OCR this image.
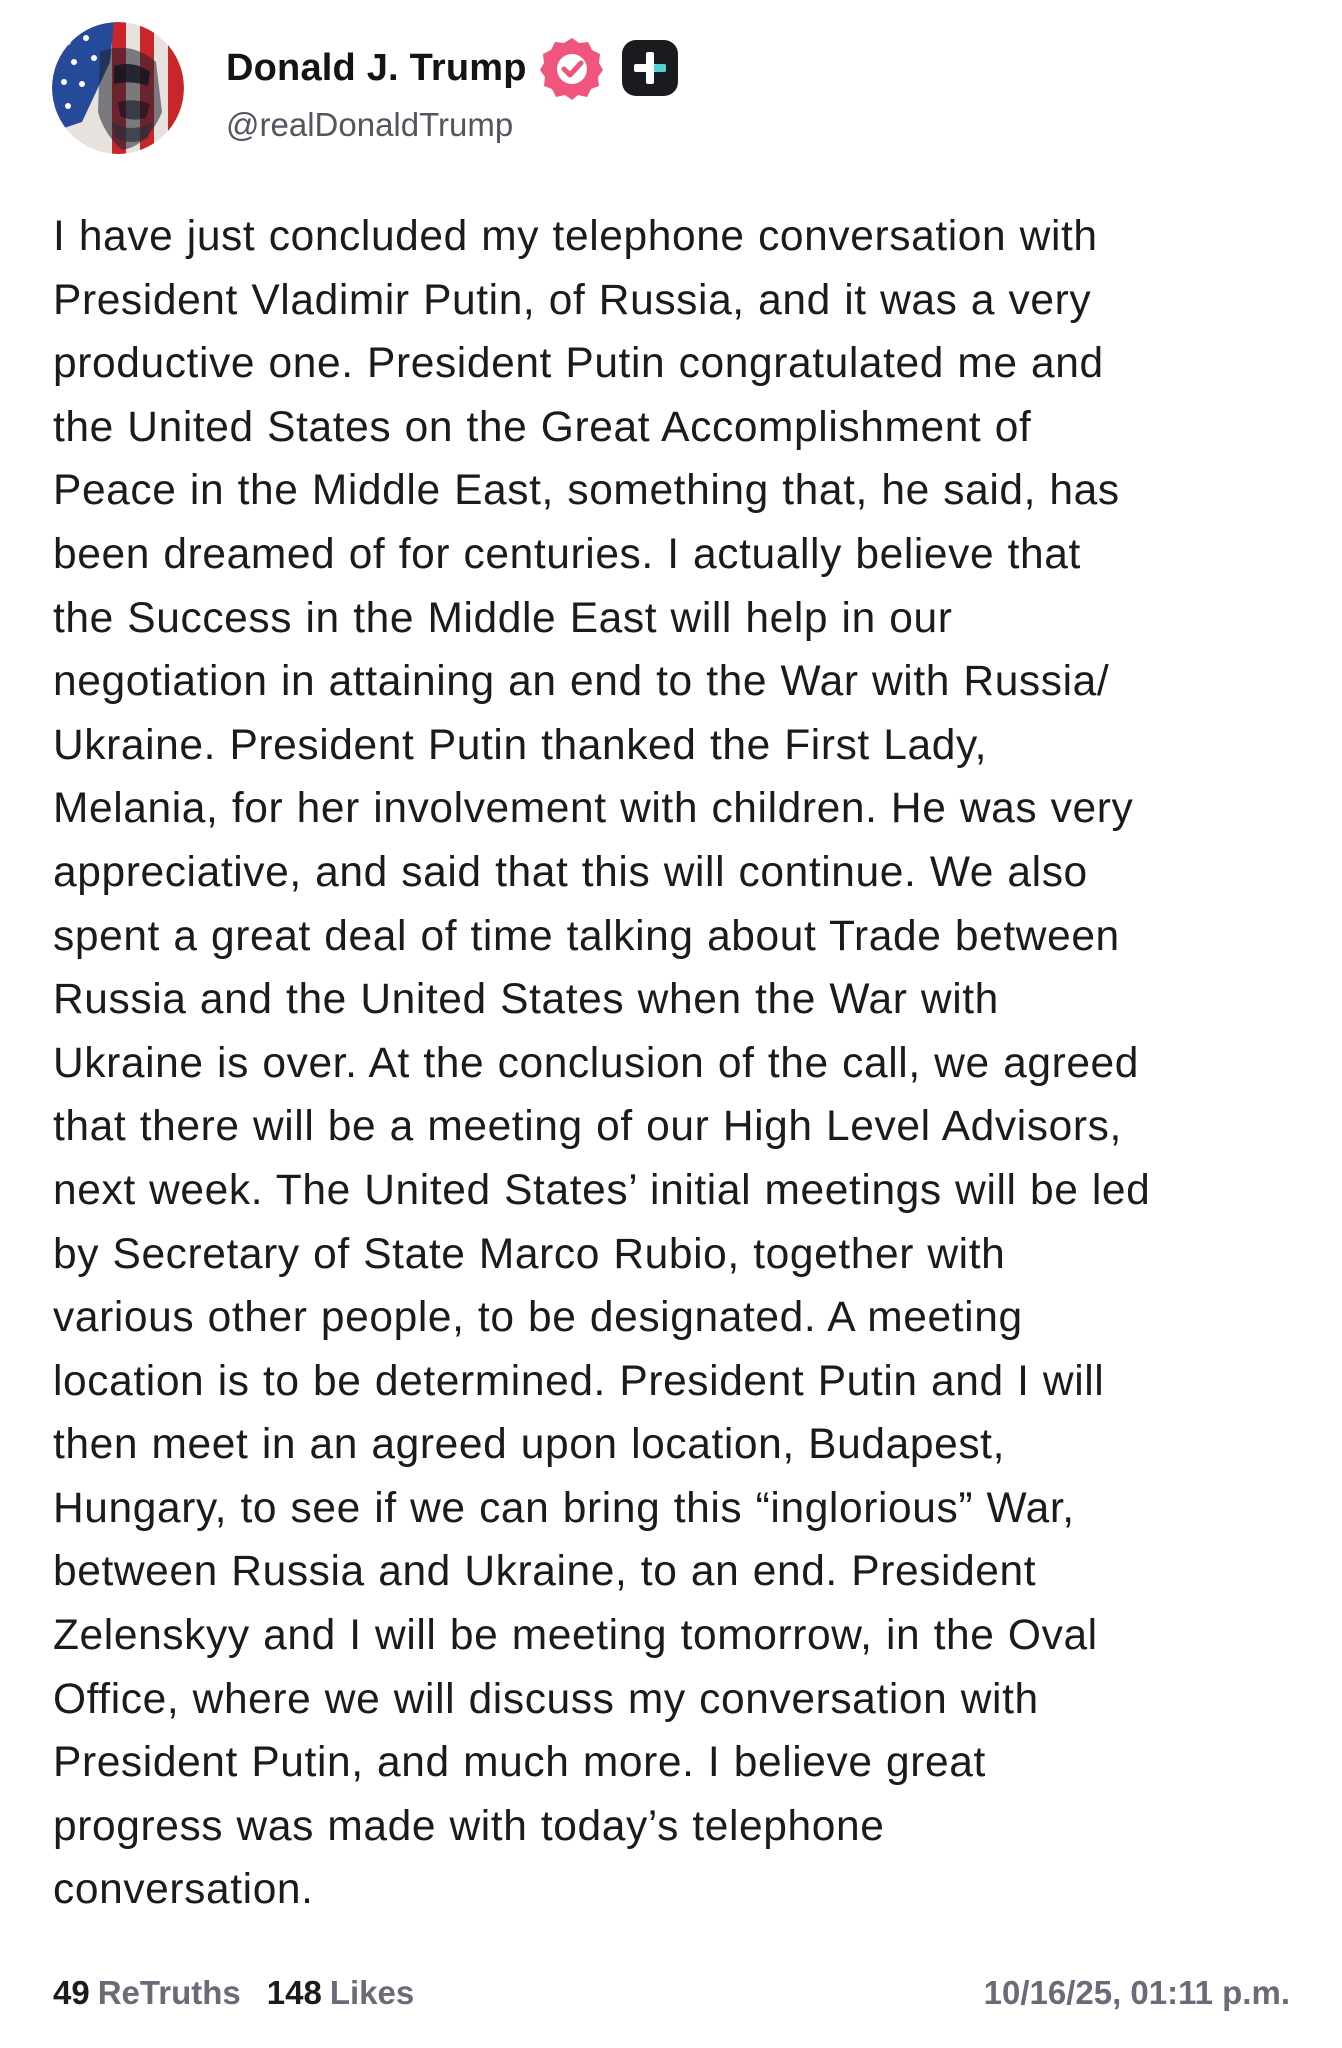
Donald J. Trump
@realDonaldTrump
I have just concluded my telephone conversation with
President Vladimir Putin, of Russia, and it was a very
productive one. President Putin congratulated me and
the United States on the Great Accomplishment of
Peace in the Middle East, something that, he said, has
been dreamed of for centuries. I actually believe that
the Success in the Middle East will help in our
negotiation in attaining an end to the War with Russia/
Ukraine. President Putin thanked the First Lady,
Melania, for her involvement with children. He was very
appreciative, and said that this will continue. We also
spent a great deal of time talking about Trade between
Russia and the United States when the War with
Ukraine is over. At the conclusion of the call, we agreed
that there will be a meeting of our High Level Advisors,
next week. The United States’ initial meetings will be led
by Secretary of State Marco Rubio, together with
various other people, to be designated. A meeting
location is to be determined. President Putin and I will
then meet in an agreed upon location, Budapest,
Hungary, to see if we can bring this “inglorious” War,
between Russia and Ukraine, to an end. President
Zelenskyy and I will be meeting tomorrow, in the Oval
Office, where we will discuss my conversation with
President Putin, and much more. I believe great
progress was made with today’s telephone
conversation.
49 ReTruths 148 Likes	10/16/25, 01:11 p.m.
